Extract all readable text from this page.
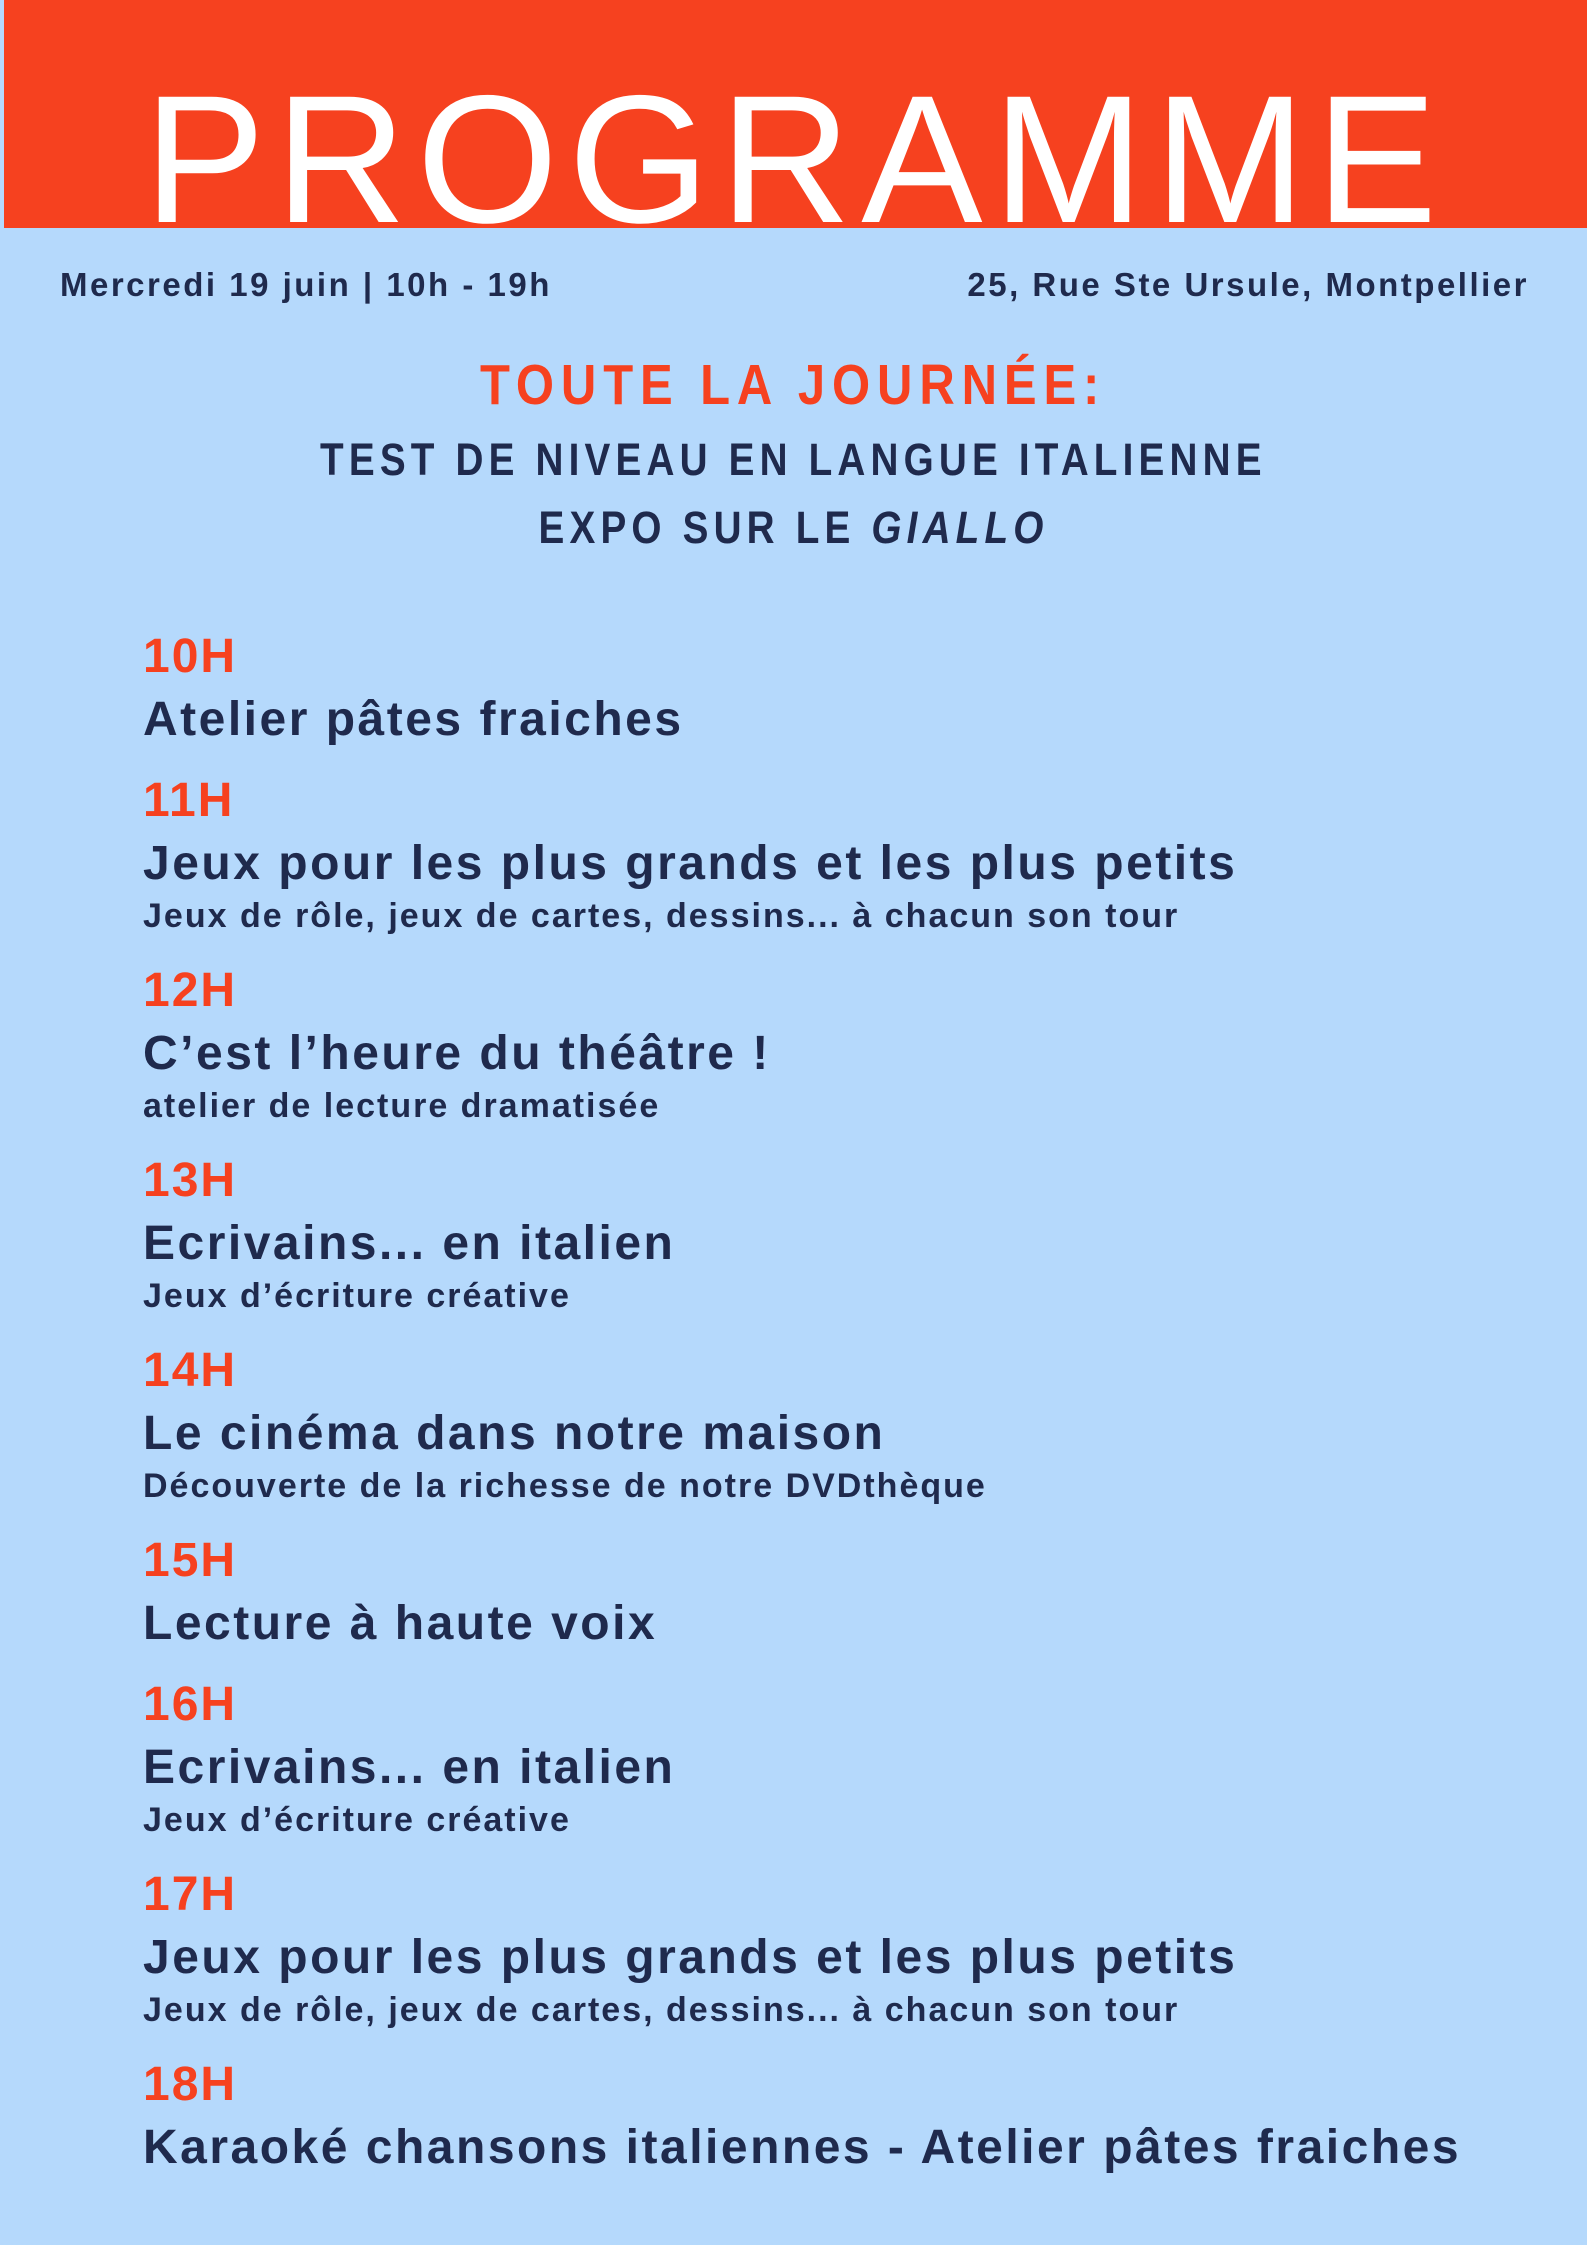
PROGRAMME
Mercredi 19 juin | 10h - 19h	25, Rue Ste Ursule, Montpellier
TOUTE LA JOURNÉE:
TEST DE NIVEAU EN LANGUE ITALIENNE
EXPO SUR LE GIALLO
10H
Atelier pâtes fraiches
11H
Jeux pour les plus grands et les plus petits
Jeux de rôle, jeux de cartes, dessins... à chacun son tour
12H
C’est l’heure du théâtre !
atelier de lecture dramatisée
13H
Ecrivains... en italien
Jeux d’écriture créative
14H
Le cinéma dans notre maison
Découverte de la richesse de notre DVDthèque
15H
Lecture à haute voix
16H
Ecrivains... en italien
Jeux d’écriture créative
17H
Jeux pour les plus grands et les plus petits
Jeux de rôle, jeux de cartes, dessins... à chacun son tour
18H
Karaoké chansons italiennes - Atelier pâtes fraiches
